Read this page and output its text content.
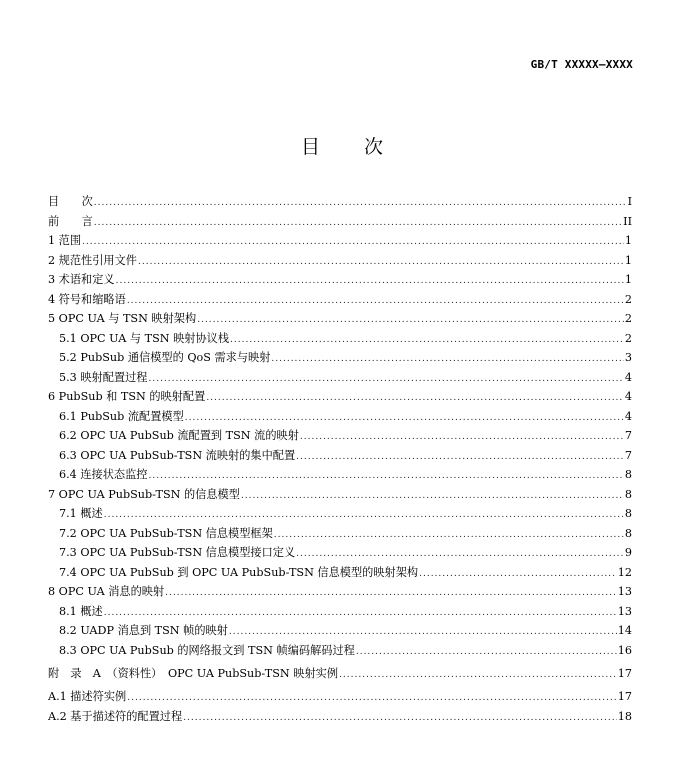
GB/T XXXXX—XXXX
目 次
目　　次 .....	I
前　　言 .....	II
1 范围 .....	1
2 规范性引用文件 .....	1
3 术语和定义 .....	1
4 符号和缩略语 .....	2
5 OPC UA 与 TSN 映射架构 .....	2
5.1 OPC UA 与 TSN 映射协议栈 .....	2
5.2 PubSub 通信模型的 QoS 需求与映射 .....	3
5.3 映射配置过程 .....	4
6 PubSub 和 TSN 的映射配置 .....	4
6.1 PubSub 流配置模型 .....	4
6.2 OPC UA PubSub 流配置到 TSN 流的映射 .....	7
6.3 OPC UA PubSub-TSN 流映射的集中配置 .....	7
6.4 连接状态监控 .....	8
7 OPC UA PubSub-TSN 的信息模型 .....	8
7.1 概述 .....	8
7.2 OPC UA PubSub-TSN 信息模型框架 .....	8
7.3 OPC UA PubSub-TSN 信息模型接口定义 .....	9
7.4 OPC UA PubSub 到 OPC UA PubSub-TSN 信息模型的映射架构 .....	12
8 OPC UA 消息的映射 .....	13
8.1 概述 .....	13
8.2 UADP 消息到 TSN 帧的映射 .....	14
8.3 OPC UA PubSub 的网络报文到 TSN 帧编码解码过程 .....	16
附　录　A　（资料性）　OPC UA PubSub-TSN 映射实例 .....	17
A.1 描述符实例 .....	17
A.2 基于描述符的配置过程 .....	18
